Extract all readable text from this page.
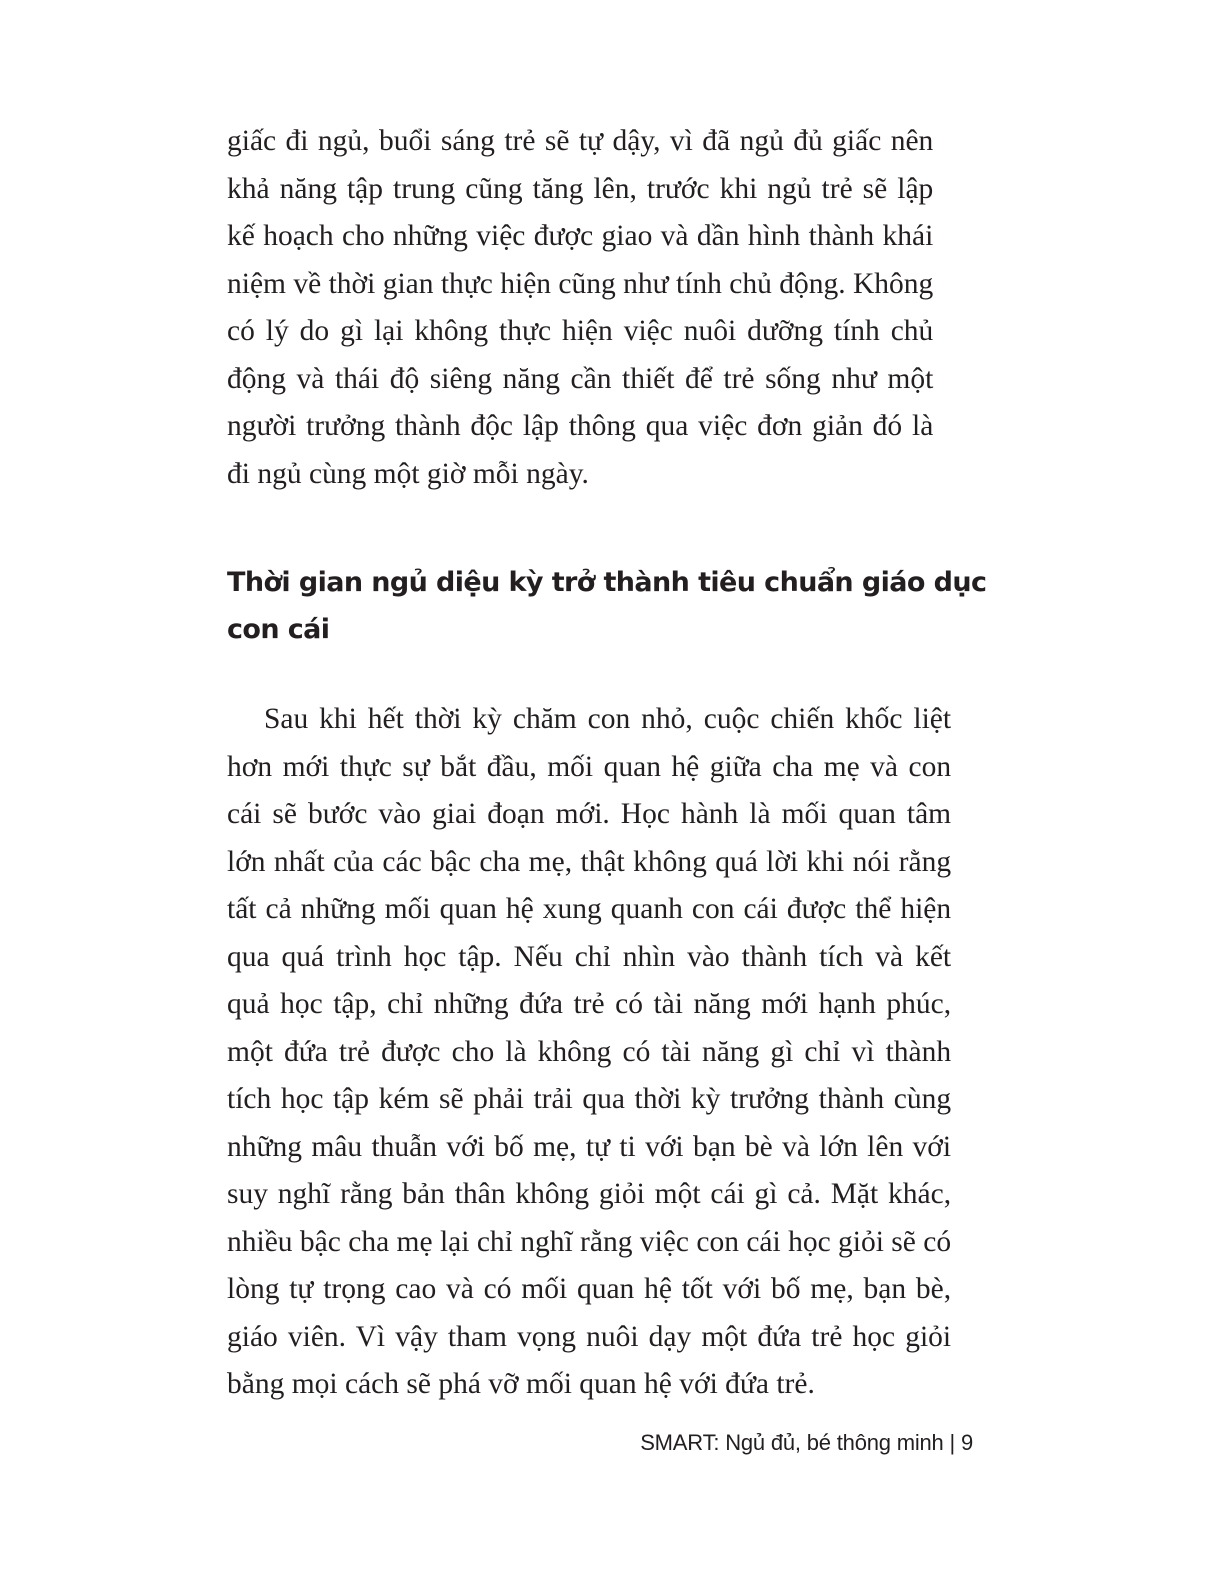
giấc đi ngủ, buổi sáng trẻ sẽ tự dậy, vì đã ngủ đủ giấc nên
khả năng tập trung cũng tăng lên, trước khi ngủ trẻ sẽ lập
kế hoạch cho những việc được giao và dần hình thành khái
niệm về thời gian thực hiện cũng như tính chủ động. Không
có lý do gì lại không thực hiện việc nuôi dưỡng tính chủ
động và thái độ siêng năng cần thiết để trẻ sống như một
người trưởng thành độc lập thông qua việc đơn giản đó là
đi ngủ cùng một giờ mỗi ngày.
Thời gian ngủ diệu kỳ trở thành tiêu chuẩn giáo dục
con cái
Sau khi hết thời kỳ chăm con nhỏ, cuộc chiến khốc liệt
hơn mới thực sự bắt đầu, mối quan hệ giữa cha mẹ và con
cái sẽ bước vào giai đoạn mới. Học hành là mối quan tâm
lớn nhất của các bậc cha mẹ, thật không quá lời khi nói rằng
tất cả những mối quan hệ xung quanh con cái được thể hiện
qua quá trình học tập. Nếu chỉ nhìn vào thành tích và kết
quả học tập, chỉ những đứa trẻ có tài năng mới hạnh phúc,
một đứa trẻ được cho là không có tài năng gì chỉ vì thành
tích học tập kém sẽ phải trải qua thời kỳ trưởng thành cùng
những mâu thuẫn với bố mẹ, tự ti với bạn bè và lớn lên với
suy nghĩ rằng bản thân không giỏi một cái gì cả. Mặt khác,
nhiều bậc cha mẹ lại chỉ nghĩ rằng việc con cái học giỏi sẽ có
lòng tự trọng cao và có mối quan hệ tốt với bố mẹ, bạn bè,
giáo viên. Vì vậy tham vọng nuôi dạy một đứa trẻ học giỏi
bằng mọi cách sẽ phá vỡ mối quan hệ với đứa trẻ.
SMART: Ngủ đủ, bé thông minh | 9
